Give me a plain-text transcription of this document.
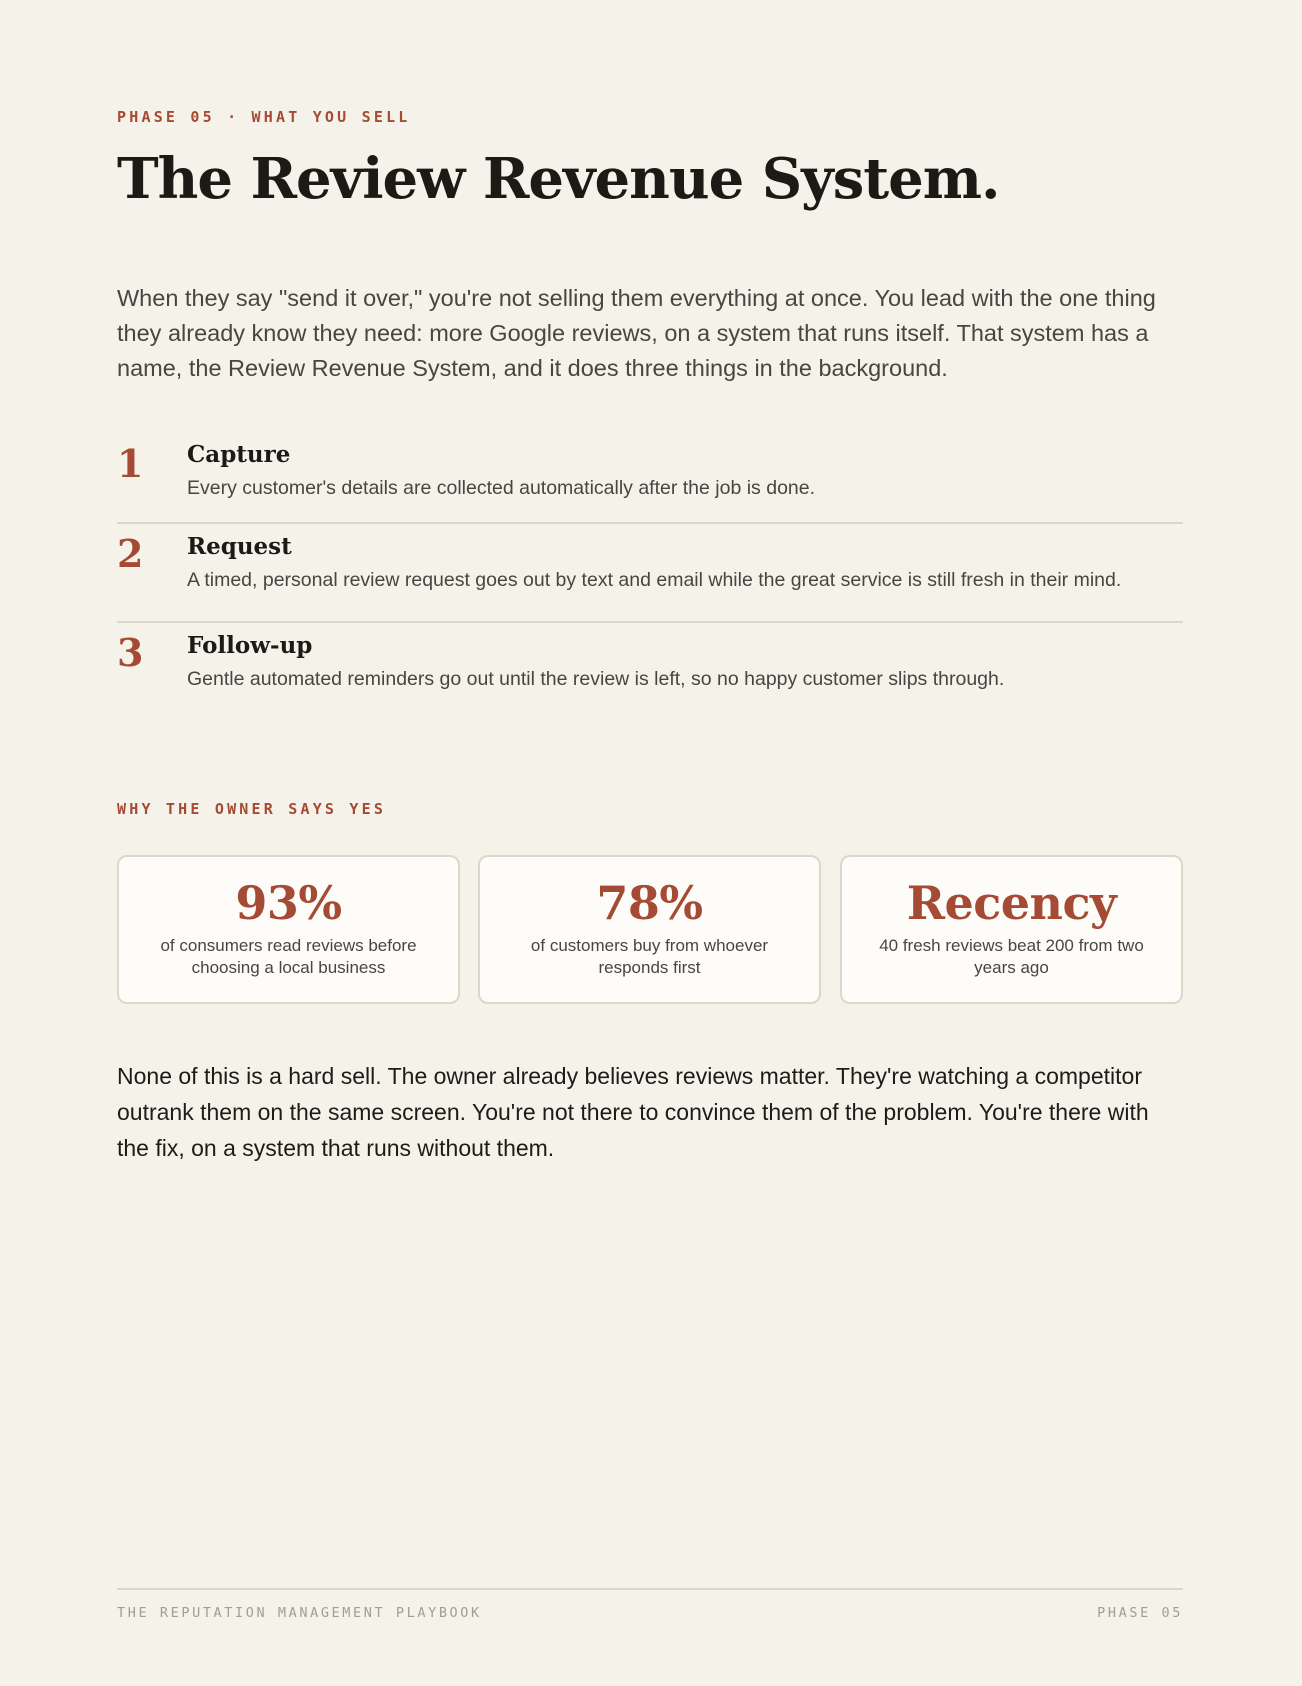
PHASE 05 · WHAT YOU SELL
The Review Revenue System.

When they say "send it over," you're not selling them everything at once. You lead with the one thing they already know they need: more Google reviews, on a system that runs itself. That system has a name, the Review Revenue System, and it does three things in the background.

1 Capture
Every customer's details are collected automatically after the job is done.
2 Request
A timed, personal review request goes out by text and email while the great service is still fresh in their mind.
3 Follow-up
Gentle automated reminders go out until the review is left, so no happy customer slips through.
WHY THE OWNER SAYS YES
93%
of consumers read reviews before choosing a local business
78%
of customers buy from whoever responds first
Recency
40 fresh reviews beat 200 from two years ago

None of this is a hard sell. The owner already believes reviews matter. They're watching a competitor outrank them on the same screen. You're not there to convince them of the problem. You're there with the fix, on a system that runs without them.

THE REPUTATION MANAGEMENT PLAYBOOK	PHASE 05
